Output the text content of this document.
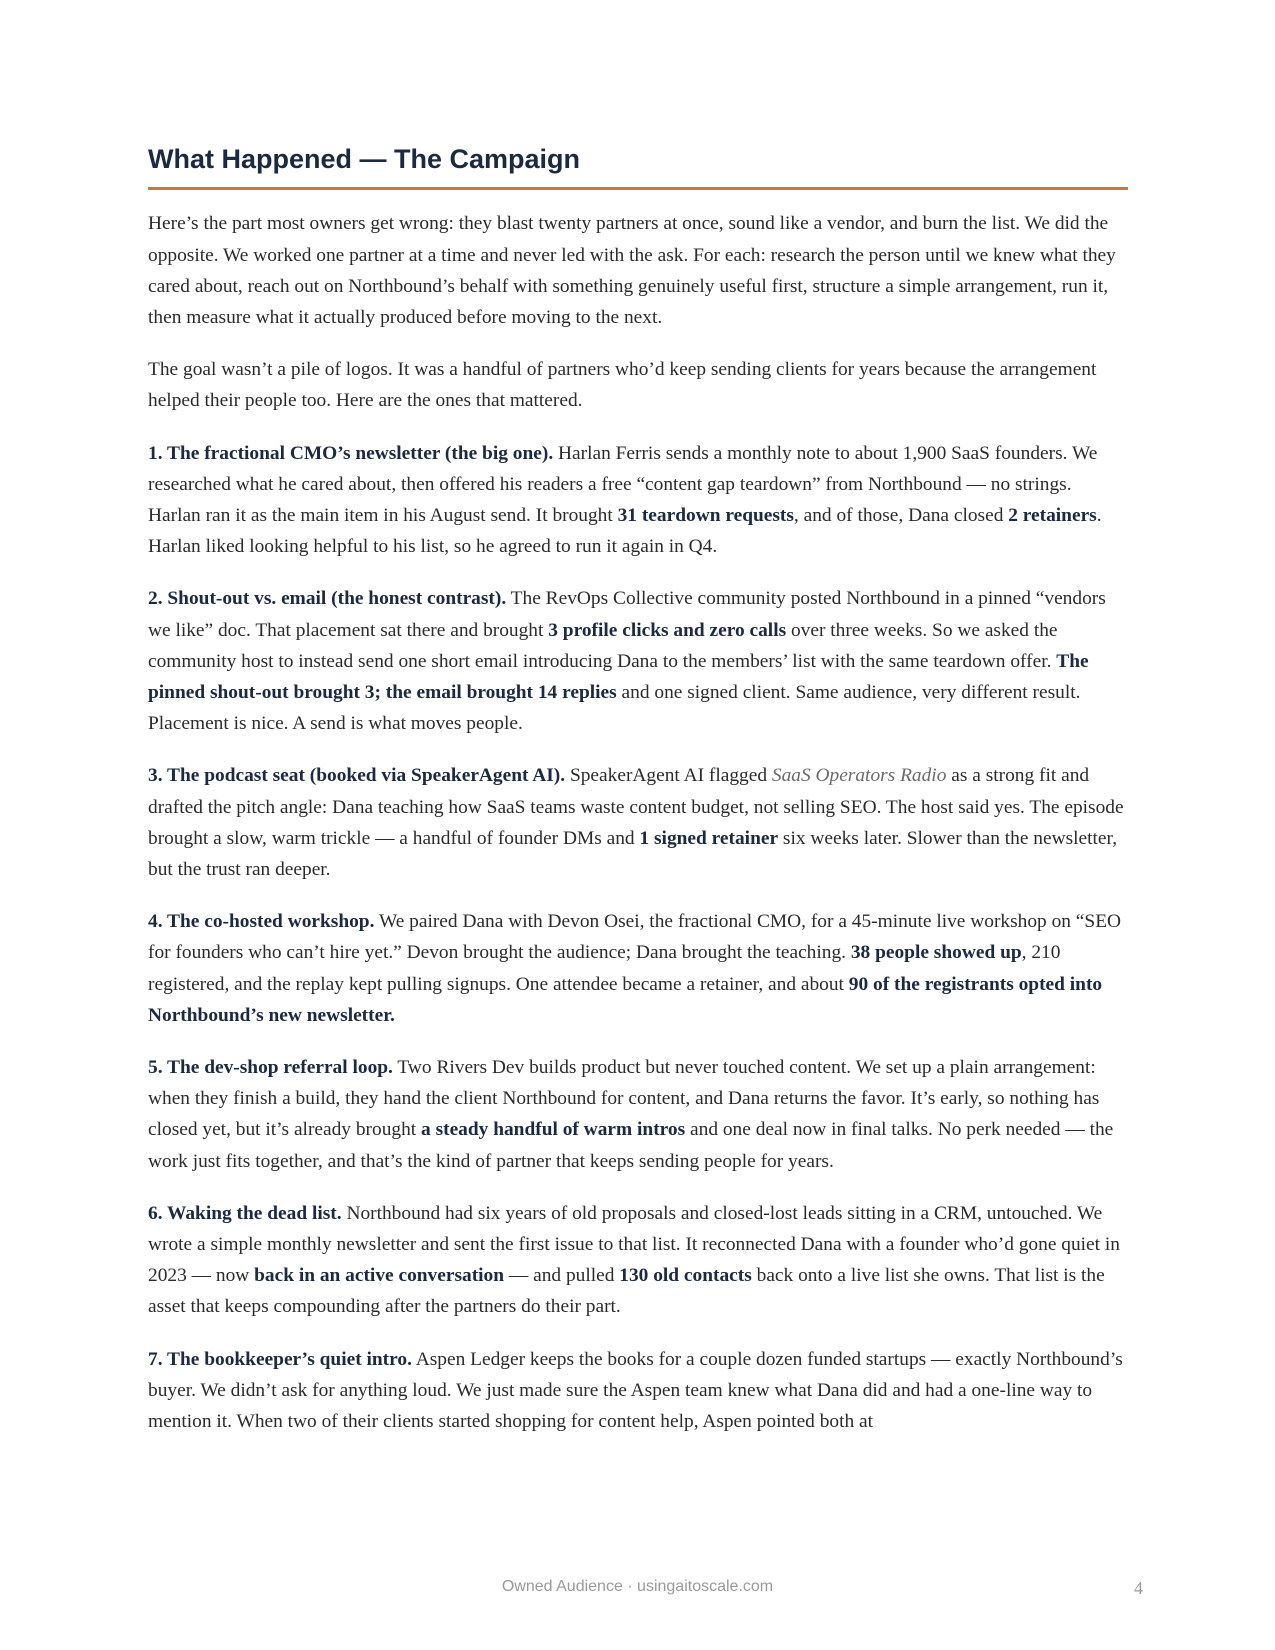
What Happened — The Campaign

Here’s the part most owners get wrong: they blast twenty partners at once, sound like a vendor, and burn the list. We did the opposite. We worked one partner at a time and never led with the ask. For each: research the person until we knew what they cared about, reach out on Northbound’s behalf with something genuinely useful first, structure a simple arrangement, run it, then measure what it actually produced before moving to the next.

The goal wasn’t a pile of logos. It was a handful of partners who’d keep sending clients for years because the arrangement helped their people too. Here are the ones that mattered.

1. The fractional CMO’s newsletter (the big one). Harlan Ferris sends a monthly note to about 1,900 SaaS founders. We researched what he cared about, then offered his readers a free “content gap teardown” from Northbound — no strings. Harlan ran it as the main item in his August send. It brought 31 teardown requests, and of those, Dana closed 2 retainers. Harlan liked looking helpful to his list, so he agreed to run it again in Q4.

2. Shout-out vs. email (the honest contrast). The RevOps Collective community posted Northbound in a pinned “vendors we like” doc. That placement sat there and brought 3 profile clicks and zero calls over three weeks. So we asked the community host to instead send one short email introducing Dana to the members’ list with the same teardown offer. The pinned shout-out brought 3; the email brought 14 replies and one signed client. Same audience, very different result. Placement is nice. A send is what moves people.

3. The podcast seat (booked via SpeakerAgent AI). SpeakerAgent AI flagged SaaS Operators Radio as a strong fit and drafted the pitch angle: Dana teaching how SaaS teams waste content budget, not selling SEO. The host said yes. The episode brought a slow, warm trickle — a handful of founder DMs and 1 signed retainer six weeks later. Slower than the newsletter, but the trust ran deeper.

4. The co-hosted workshop. We paired Dana with Devon Osei, the fractional CMO, for a 45-minute live workshop on “SEO for founders who can’t hire yet.” Devon brought the audience; Dana brought the teaching. 38 people showed up, 210 registered, and the replay kept pulling signups. One attendee became a retainer, and about 90 of the registrants opted into Northbound’s new newsletter.

5. The dev-shop referral loop. Two Rivers Dev builds product but never touched content. We set up a plain arrangement: when they finish a build, they hand the client Northbound for content, and Dana returns the favor. It’s early, so nothing has closed yet, but it’s already brought a steady handful of warm intros and one deal now in final talks. No perk needed — the work just fits together, and that’s the kind of partner that keeps sending people for years.

6. Waking the dead list. Northbound had six years of old proposals and closed-lost leads sitting in a CRM, untouched. We wrote a simple monthly newsletter and sent the first issue to that list. It reconnected Dana with a founder who’d gone quiet in 2023 — now back in an active conversation — and pulled 130 old contacts back onto a live list she owns. That list is the asset that keeps compounding after the partners do their part.

7. The bookkeeper’s quiet intro. Aspen Ledger keeps the books for a couple dozen funded startups — exactly Northbound’s buyer. We didn’t ask for anything loud. We just made sure the Aspen team knew what Dana did and had a one-line way to mention it. When two of their clients started shopping for content help, Aspen pointed both at

Owned Audience · usingaitoscale.com	4
